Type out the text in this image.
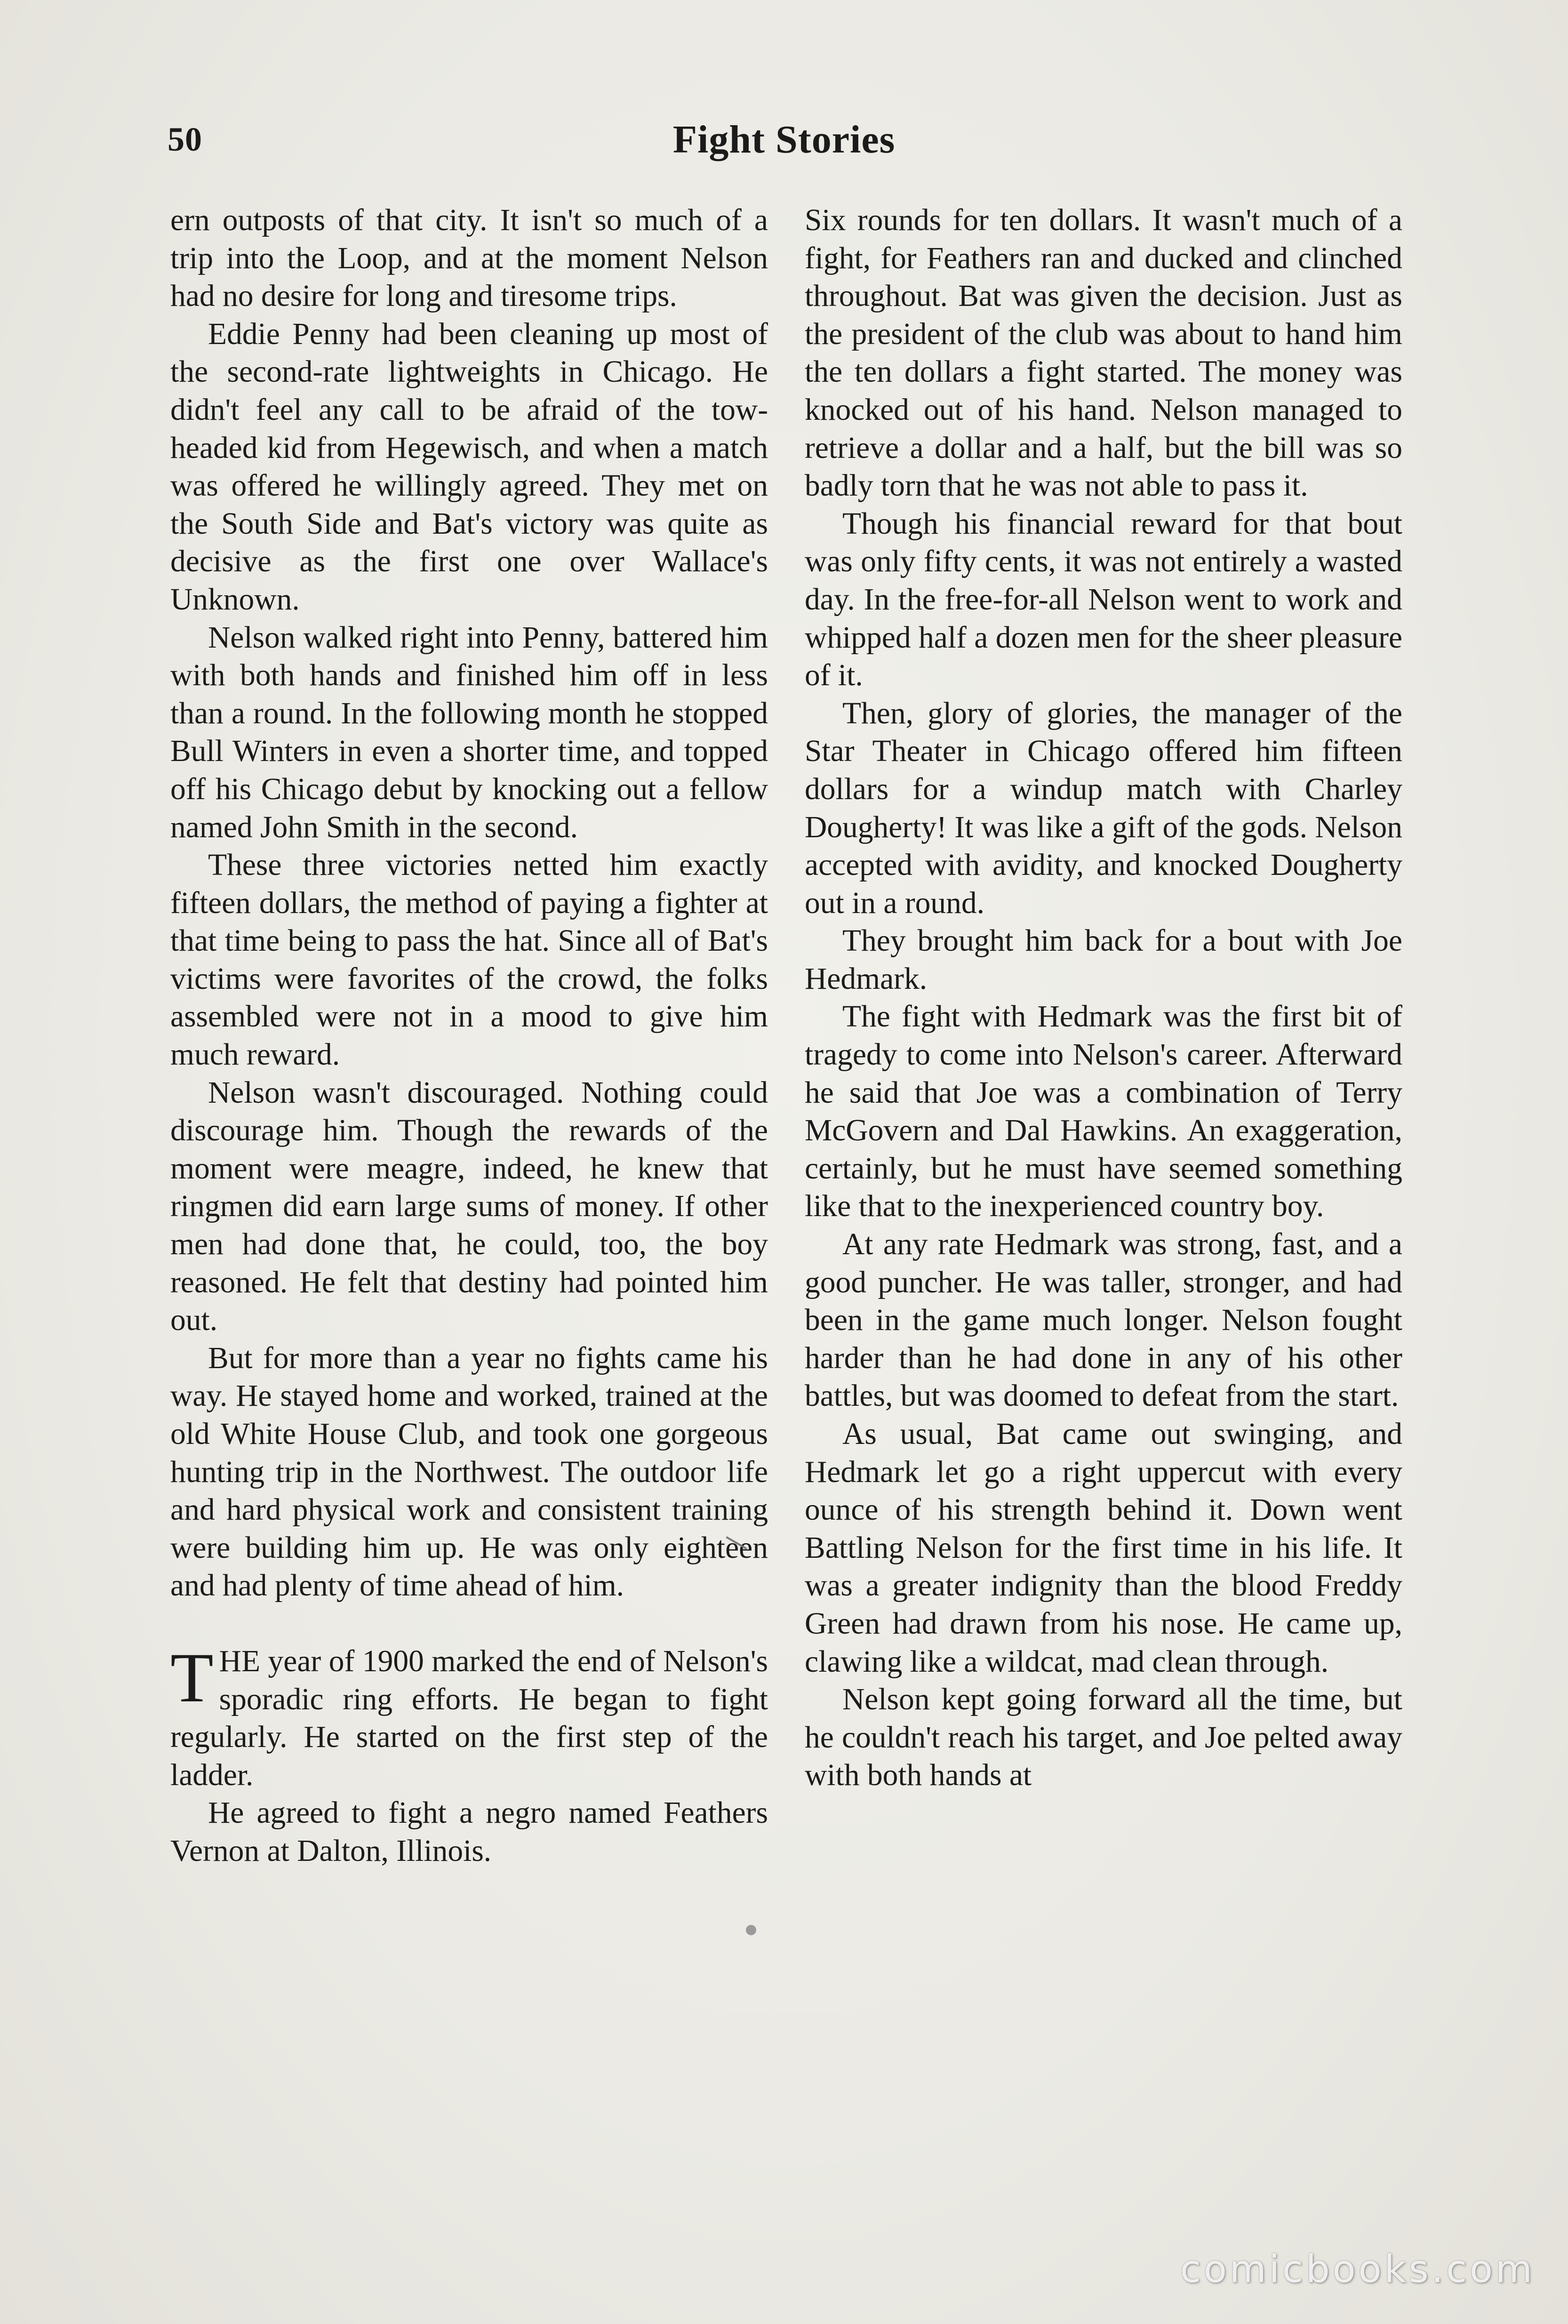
50	Fight Stories

ern outposts of that city. It isn't so much of a trip into the Loop, and at the moment Nelson had no desire for long and tiresome trips.

Eddie Penny had been cleaning up most of the second-rate lightweights in Chicago. He didn't feel any call to be afraid of the tow-headed kid from Hegewisch, and when a match was offered he willingly agreed. They met on the South Side and Bat's victory was quite as decisive as the first one over Wallace's Unknown.

Nelson walked right into Penny, battered him with both hands and finished him off in less than a round. In the following month he stopped Bull Winters in even a shorter time, and topped off his Chicago debut by knocking out a fellow named John Smith in the second.

These three victories netted him exactly fifteen dollars, the method of paying a fighter at that time being to pass the hat. Since all of Bat's victims were favorites of the crowd, the folks assembled were not in a mood to give him much reward.

Nelson wasn't discouraged. Nothing could discourage him. Though the rewards of the moment were meagre, indeed, he knew that ringmen did earn large sums of money. If other men had done that, he could, too, the boy reasoned. He felt that destiny had pointed him out.

But for more than a year no fights came his way. He stayed home and worked, trained at the old White House Club, and took one gorgeous hunting trip in the Northwest. The outdoor life and hard physical work and consistent training were building him up. He was only eighteen and had plenty of time ahead of him.

THE year of 1900 marked the end of Nelson's sporadic ring efforts. He began to fight regularly. He started on the first step of the ladder.

He agreed to fight a negro named Feathers Vernon at Dalton, Illinois.

Six rounds for ten dollars. It wasn't much of a fight, for Feathers ran and ducked and clinched throughout. Bat was given the decision. Just as the president of the club was about to hand him the ten dollars a fight started. The money was knocked out of his hand. Nelson managed to retrieve a dollar and a half, but the bill was so badly torn that he was not able to pass it.

Though his financial reward for that bout was only fifty cents, it was not entirely a wasted day. In the free-for-all Nelson went to work and whipped half a dozen men for the sheer pleasure of it.

Then, glory of glories, the manager of the Star Theater in Chicago offered him fifteen dollars for a windup match with Charley Dougherty! It was like a gift of the gods. Nelson accepted with avidity, and knocked Dougherty out in a round.

They brought him back for a bout with Joe Hedmark.

The fight with Hedmark was the first bit of tragedy to come into Nelson's career. Afterward he said that Joe was a combination of Terry McGovern and Dal Hawkins. An exaggeration, certainly, but he must have seemed something like that to the inexperienced country boy.

At any rate Hedmark was strong, fast, and a good puncher. He was taller, stronger, and had been in the game much longer. Nelson fought harder than he had done in any of his other battles, but was doomed to defeat from the start.

As usual, Bat came out swinging, and Hedmark let go a right uppercut with every ounce of his strength behind it. Down went Battling Nelson for the first time in his life. It was a greater indignity than the blood Freddy Green had drawn from his nose. He came up, clawing like a wildcat, mad clean through.

Nelson kept going forward all the time, but he couldn't reach his target, and Joe pelted away with both hands at

comicbooks.com
